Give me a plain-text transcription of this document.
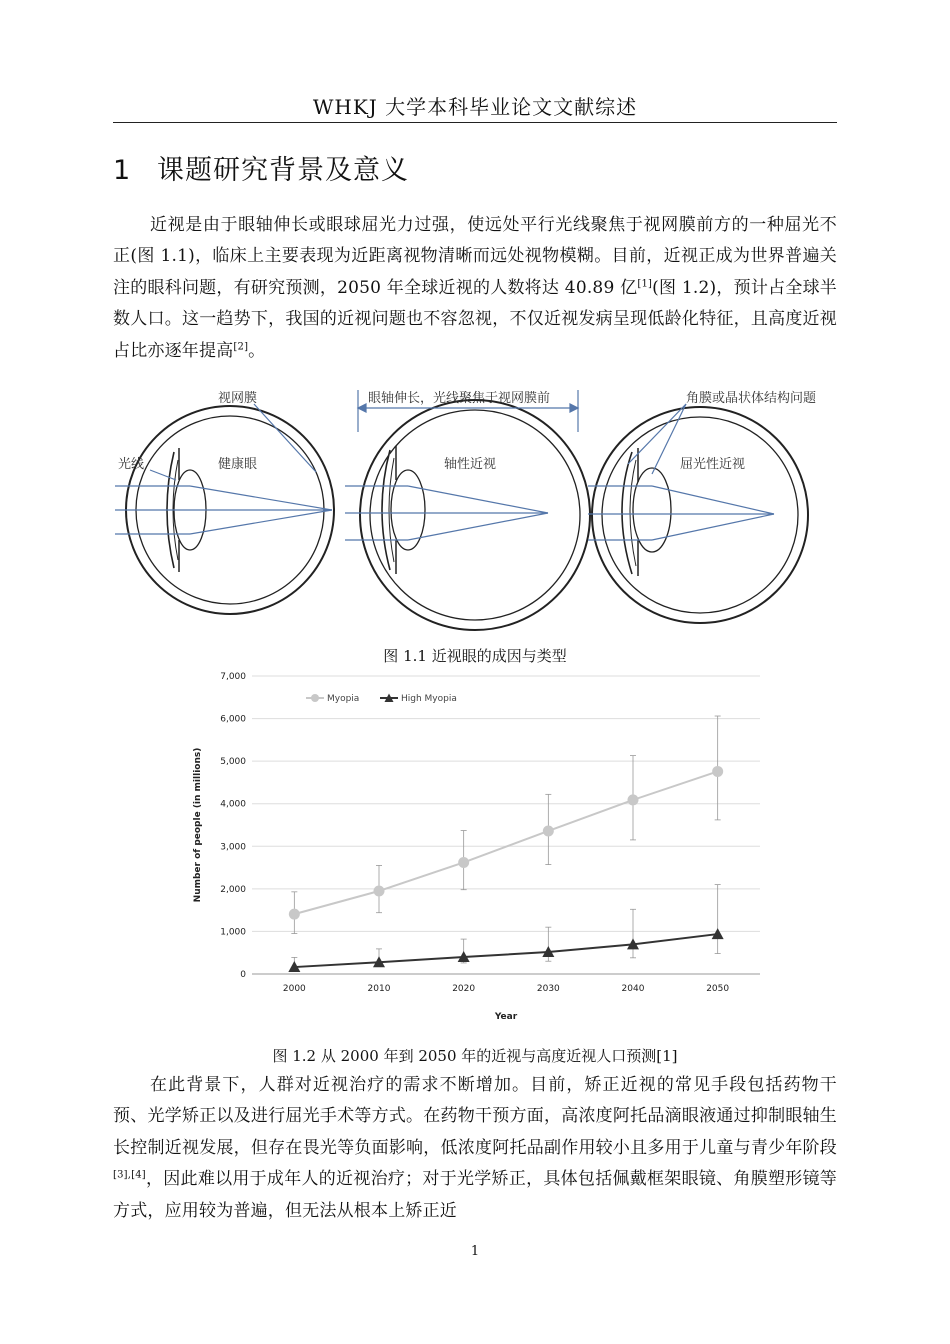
WHKJ 大学本科毕业论文文献综述
1 课题研究背景及意义
近视是由于眼轴伸长或眼球屈光力过强，使远处平行光线聚焦于视网膜前方的一种屈光不正(图 1.1)，临床上主要表现为近距离视物清晰而远处视物模糊。目前，近视正成为世界普遍关注的眼科问题，有研究预测，2050 年全球近视的人数将达 40.89 亿[1](图 1.2)，预计占全球半数人口。这一趋势下，我国的近视问题也不容忽视，不仅近视发病呈现低龄化特征，且高度近视占比亦逐年提高[2]。
视网膜
光线	健康眼
眼轴伸长，光线聚焦于视网膜前
轴性近视
角膜或晶状体结构问题
屈光性近视
图 1.1 近视眼的成因与类型
0
1,000
2,000
3,000
4,000
5,000
6,000
7,000
2000	2010	2020	2030	2040	2050
Myopia	High Myopia
Year
Number of people (in millions)
图 1.2 从 2000 年到 2050 年的近视与高度近视人口预测[1]
在此背景下，人群对近视治疗的需求不断增加。目前，矫正近视的常见手段包括药物干预、光学矫正以及进行屈光手术等方式。在药物干预方面，高浓度阿托品滴眼液通过抑制眼轴生长控制近视发展，但存在畏光等负面影响，低浓度阿托品副作用较小且多用于儿童与青少年阶段[3],[4]，因此难以用于成年人的近视治疗；对于光学矫正，具体包括佩戴框架眼镜、角膜塑形镜等方式，应用较为普遍，但无法从根本上矫正近
1
